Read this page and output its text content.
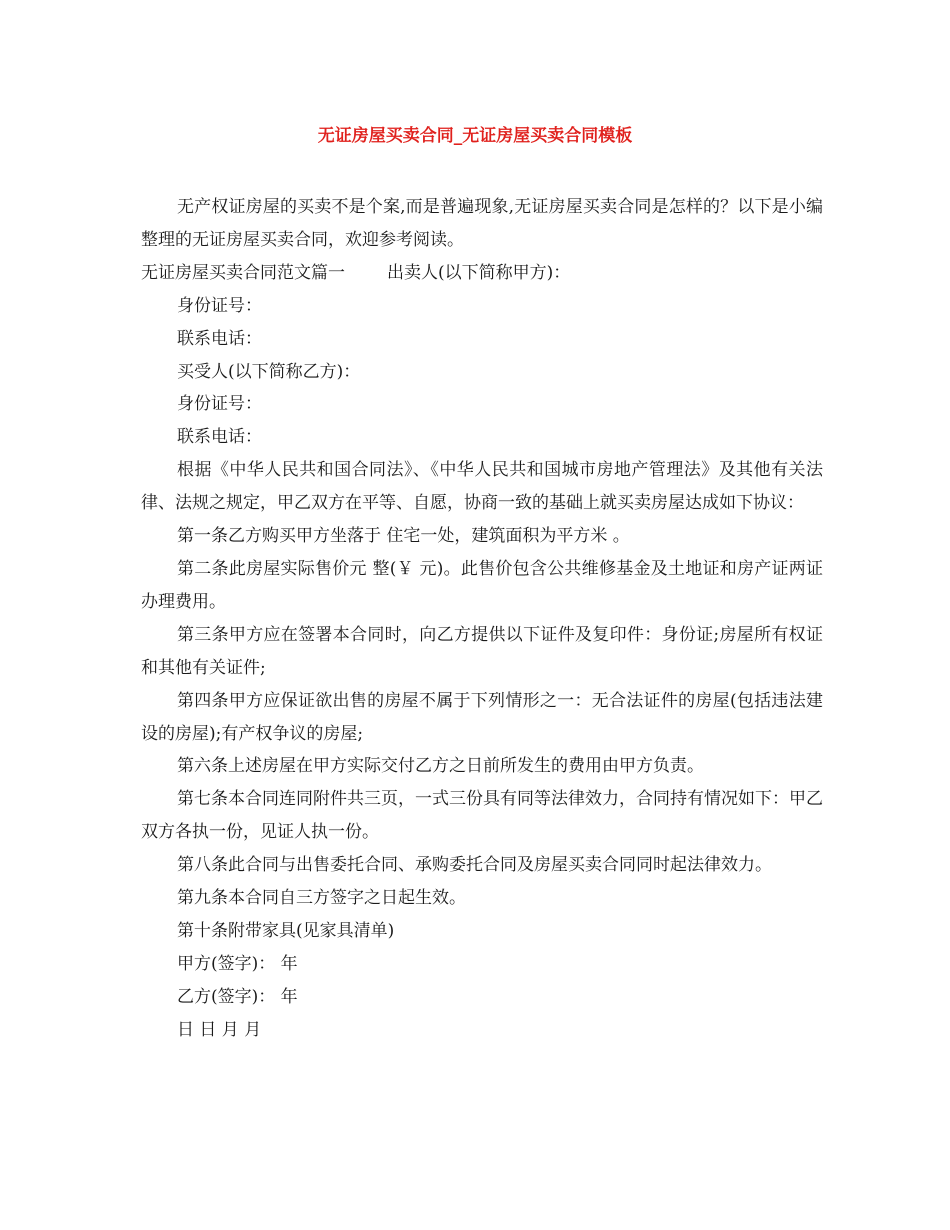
无证房屋买卖合同_无证房屋买卖合同模板

无产权证房屋的买卖不是个案,而是普遍现象,无证房屋买卖合同是怎样的？以下是小编整理的无证房屋买卖合同，欢迎参考阅读。

无证房屋买卖合同范文篇一 出卖人(以下简称甲方)：

身份证号：

联系电话：

买受人(以下简称乙方)：

身份证号：

联系电话：

根据《中华人民共和国合同法》、《中华人民共和国城市房地产管理法》及其他有关法律、法规之规定，甲乙双方在平等、自愿，协商一致的基础上就买卖房屋达成如下协议：

第一条乙方购买甲方坐落于 住宅一处，建筑面积为平方米 。

第二条此房屋实际售价元 整(￥ 元)。此售价包含公共维修基金及土地证和房产证两证办理费用。

第三条甲方应在签署本合同时，向乙方提供以下证件及复印件：身份证;房屋所有权证和其他有关证件;

第四条甲方应保证欲出售的房屋不属于下列情形之一：无合法证件的房屋(包括违法建设的房屋);有产权争议的房屋;

第六条上述房屋在甲方实际交付乙方之日前所发生的费用由甲方负责。

第七条本合同连同附件共三页，一式三份具有同等法律效力，合同持有情况如下：甲乙双方各执一份，见证人执一份。

第八条此合同与出售委托合同、承购委托合同及房屋买卖合同同时起法律效力。

第九条本合同自三方签字之日起生效。

第十条附带家具(见家具清单)

甲方(签字)： 年

乙方(签字)： 年

日 日 月 月
